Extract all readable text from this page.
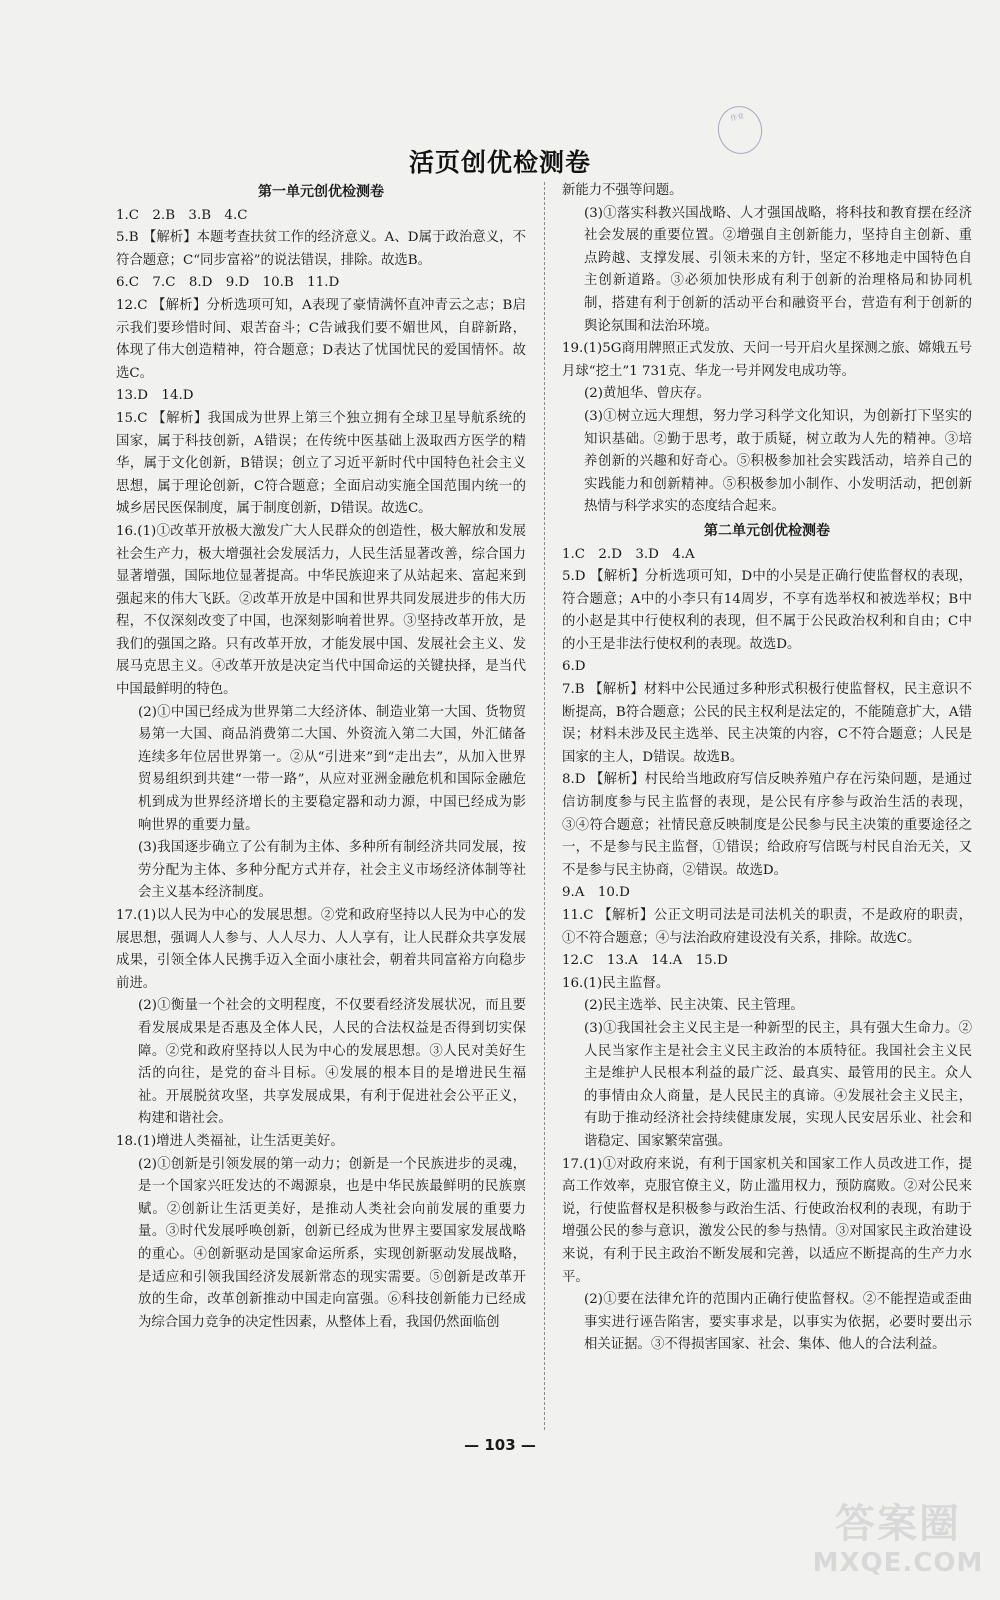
作业
活页创优检测卷
第一单元创优检测卷

1.C　2.B　3.B　4.C

5.B 【解析】本题考查扶贫工作的经济意义。A、D属于政治意义，不符合题意；C“同步富裕”的说法错误，排除。故选B。

6.C　7.C　8.D　9.D　10.B　11.D

12.C 【解析】分析选项可知，A表现了豪情满怀直冲青云之志；B启示我们要珍惜时间、艰苦奋斗；C告诫我们要不媚世风，自辟新路，体现了伟大创造精神，符合题意；D表达了忧国忧民的爱国情怀。故选C。

13.D　14.D

15.C 【解析】我国成为世界上第三个独立拥有全球卫星导航系统的国家，属于科技创新，A错误；在传统中医基础上汲取西方医学的精华，属于文化创新，B错误；创立了习近平新时代中国特色社会主义思想，属于理论创新，C符合题意；全面启动实施全国范围内统一的城乡居民医保制度，属于制度创新，D错误。故选C。

16.(1)①改革开放极大激发广大人民群众的创造性，极大解放和发展社会生产力，极大增强社会发展活力，人民生活显著改善，综合国力显著增强，国际地位显著提高。中华民族迎来了从站起来、富起来到强起来的伟大飞跃。②改革开放是中国和世界共同发展进步的伟大历程，不仅深刻改变了中国，也深刻影响着世界。③坚持改革开放，是我们的强国之路。只有改革开放，才能发展中国、发展社会主义、发展马克思主义。④改革开放是决定当代中国命运的关键抉择，是当代中国最鲜明的特色。

(2)①中国已经成为世界第二大经济体、制造业第一大国、货物贸易第一大国、商品消费第二大国、外资流入第二大国，外汇储备连续多年位居世界第一。②从“引进来”到“走出去”，从加入世界贸易组织到共建“一带一路”，从应对亚洲金融危机和国际金融危机到成为世界经济增长的主要稳定器和动力源，中国已经成为影响世界的重要力量。

(3)我国逐步确立了公有制为主体、多种所有制经济共同发展，按劳分配为主体、多种分配方式并存，社会主义市场经济体制等社会主义基本经济制度。

17.(1)以人民为中心的发展思想。②党和政府坚持以人民为中心的发展思想，强调人人参与、人人尽力、人人享有，让人民群众共享发展成果，引领全体人民携手迈入全面小康社会，朝着共同富裕方向稳步前进。

(2)①衡量一个社会的文明程度，不仅要看经济发展状况，而且要看发展成果是否惠及全体人民，人民的合法权益是否得到切实保障。②党和政府坚持以人民为中心的发展思想。③人民对美好生活的向往，是党的奋斗目标。④发展的根本目的是增进民生福祉。开展脱贫攻坚，共享发展成果，有利于促进社会公平正义，构建和谐社会。

18.(1)增进人类福祉，让生活更美好。

(2)①创新是引领发展的第一动力；创新是一个民族进步的灵魂，是一个国家兴旺发达的不竭源泉，也是中华民族最鲜明的民族禀赋。②创新让生活更美好，是推动人类社会向前发展的重要力量。③时代发展呼唤创新，创新已经成为世界主要国家发展战略的重心。④创新驱动是国家命运所系，实现创新驱动发展战略，是适应和引领我国经济发展新常态的现实需要。⑤创新是改革开放的生命，改革创新推动中国走向富强。⑥科技创新能力已经成为综合国力竞争的决定性因素，从整体上看，我国仍然面临创

新能力不强等问题。

(3)①落实科教兴国战略、人才强国战略，将科技和教育摆在经济社会发展的重要位置。②增强自主创新能力，坚持自主创新、重点跨越、支撑发展、引领未来的方针，坚定不移地走中国特色自主创新道路。③必须加快形成有利于创新的治理格局和协同机制，搭建有利于创新的活动平台和融资平台，营造有利于创新的舆论氛围和法治环境。

19.(1)5G商用牌照正式发放、天问一号开启火星探测之旅、嫦娥五号月球“挖土”1 731克、华龙一号并网发电成功等。

(2)黄旭华、曾庆存。

(3)①树立远大理想，努力学习科学文化知识，为创新打下坚实的知识基础。②勤于思考，敢于质疑，树立敢为人先的精神。③培养创新的兴趣和好奇心。⑤积极参加社会实践活动，培养自己的实践能力和创新精神。⑤积极参加小制作、小发明活动，把创新热情与科学求实的态度结合起来。

第二单元创优检测卷

1.C　2.D　3.D　4.A

5.D 【解析】分析选项可知，D中的小吴是正确行使监督权的表现，符合题意；A中的小李只有14周岁，不享有选举权和被选举权；B中的小赵是其中行使权利的表现，但不属于公民政治权利和自由；C中的小王是非法行使权利的表现。故选D。

6.D

7.B 【解析】材料中公民通过多种形式积极行使监督权，民主意识不断提高，B符合题意；公民的民主权利是法定的，不能随意扩大，A错误；材料未涉及民主选举、民主决策的内容，C不符合题意；人民是国家的主人，D错误。故选B。

8.D 【解析】村民给当地政府写信反映养殖户存在污染问题，是通过信访制度参与民主监督的表现，是公民有序参与政治生活的表现，③④符合题意；社情民意反映制度是公民参与民主决策的重要途径之一，不是参与民主监督，①错误；给政府写信既与村民自治无关，又不是参与民主协商，②错误。故选D。

9.A　10.D

11.C 【解析】公正文明司法是司法机关的职责，不是政府的职责，①不符合题意；④与法治政府建设没有关系，排除。故选C。

12.C　13.A　14.A　15.D

16.(1)民主监督。

(2)民主选举、民主决策、民主管理。

(3)①我国社会主义民主是一种新型的民主，具有强大生命力。②人民当家作主是社会主义民主政治的本质特征。我国社会主义民主是维护人民根本利益的最广泛、最真实、最管用的民主。众人的事情由众人商量，是人民民主的真谛。④发展社会主义民主，有助于推动经济社会持续健康发展，实现人民安居乐业、社会和谐稳定、国家繁荣富强。

17.(1)①对政府来说，有利于国家机关和国家工作人员改进工作，提高工作效率，克服官僚主义，防止滥用权力，预防腐败。②对公民来说，行使监督权是积极参与政治生活、行使政治权利的表现，有助于增强公民的参与意识，激发公民的参与热情。③对国家民主政治建设来说，有利于民主政治不断发展和完善，以适应不断提高的生产力水平。

(2)①要在法律允许的范围内正确行使监督权。②不能捏造或歪曲事实进行诬告陷害，要实事求是，以事实为依据，必要时要出示相关证据。③不得损害国家、社会、集体、他人的合法利益。

— 103 —
答案圈
MXQE.COM
